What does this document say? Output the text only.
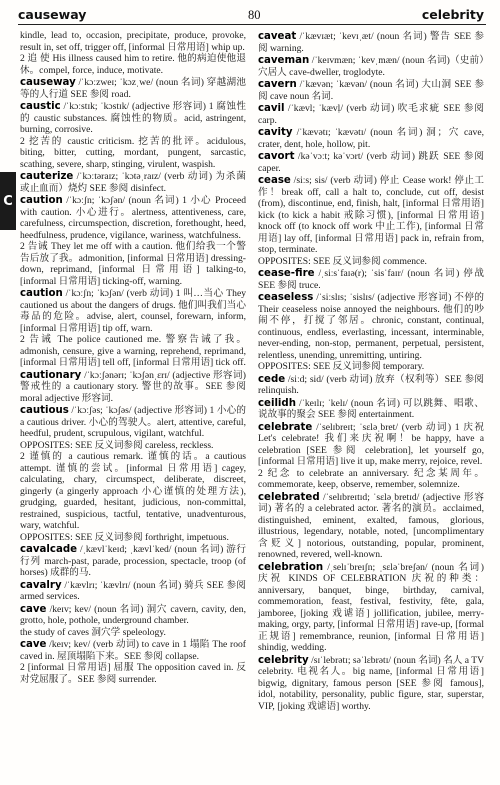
causeway	80	celebrity
C

kindle, lead to, occasion, precipitate, produce, provoke, result in, set off, trigger off, [informal 日常用语] whip up.

2 追 使 His illness caused him to retire. 他的病迫使他退休。compel, force, induce, motivate.

causeway /ˈkɔːzweɪ; ˈkɔzˌwe/ (noun 名词) 穿越湖池等的人行道 SEE 参阅 road.

caustic /ˈkɔːstɪk; ˈkɔstɪk/ (adjective 形容词) 1 腐蚀性的 caustic substances. 腐蚀性的物质。acid, astringent, burning, corrosive.

2 挖苦的 caustic criticism. 挖苦的批评。acidulous, biting, bitter, cutting, mordant, pungent, sarcastic, scathing, severe, sharp, stinging, virulent, waspish.

cauterize /ˈkɔːtəraɪz; ˈkɔtəˌraɪz/ (verb 动词) 为杀菌或止血而）烧灼 SEE 参阅 disinfect.

caution /ˈkɔːʃn; ˈkɔʃən/ (noun 名词) 1 小心 Proceed with caution. 小心进行。alertness, attentiveness, care, carefulness, circumspection, discretion, forethought, heed, heedfulness, prudence, vigilance, wariness, watchfulness.

2 告诫 They let me off with a caution. 他们给我一个警告后放了我。admonition, [informal 日常用语] dressing-down, reprimand, [informal 日常用语] talking-to, [informal 日常用语] ticking-off, warning.

caution /ˈkɔːʃn; ˈkɔʃən/ (verb 动词) 1 叫…当心 They cautioned us about the dangers of drugs. 他们叫我们当心毒品的危险。advise, alert, counsel, forewarn, inform, [informal 日常用语] tip off, warn.

2 告诫 The police cautioned me. 警察告诫了我。admonish, censure, give a warning, reprehend, reprimand, [informal 日常用语] tell off, [informal 日常用语] tick off.

cautionary /ˈkɔːʃənərɪ; ˈkɔʃənˌɛrɪ/ (adjective 形容词) 警戒性的 a cautionary story. 警世的故事。SEE 参阅 moral adjective 形容词.

cautious /ˈkɔːʃəs; ˈkɔʃəs/ (adjective 形容词) 1 小心的 a cautious driver. 小心的驾驶人。alert, attentive, careful, heedful, prudent, scrupulous, vigilant, watchful.

OPPOSITES: SEE 反义词参阅 careless, reckless.

2 谨慎的 a cautious remark. 谨慎的话。a cautious attempt. 谨慎的尝试。[informal 日常用语] cagey, calculating, chary, circumspect, deliberate, discreet, gingerly (a gingerly approach 小心谨慎的处理方法), grudging, guarded, hesitant, judicious, non-committal, restrained, suspicious, tactful, tentative, unadventurous, wary, watchful.

OPPOSITES: SEE 反义词参阅 forthright, impetuous.

cavalcade /ˌkævlˈkeɪd; ˌkævlˈked/ (noun 名词) 游行行列 march-past, parade, procession, spectacle, troop (of horses) 成群的马.

cavalry /ˈkævlrɪ; ˈkævlrɪ/ (noun 名词) 骑兵 SEE 参阅 armed services.

cave /keɪv; kev/ (noun 名词) 洞穴 cavern, cavity, den, grotto, hole, pothole, underground chamber.

the study of caves 洞穴学 speleology.

cave /keɪv; kev/ (verb 动词) to cave in 1 塌陷 The roof caved in. 屋顶塌陷下来。SEE 参阅 collapse.

2 [informal 日常用语] 屈服 The opposition caved in. 反对党屈服了。SEE 参阅 surrender.

caveat /ˈkævɪæt; ˈkevɪˌæt/ (noun 名词) 警告 SEE 参阅 warning.

caveman /ˈkeɪvmæn; ˈkevˌmæn/ (noun 名词)（史前）穴居人 cave-dweller, troglodyte.

cavern /ˈkævən; ˈkævən/ (noun 名词) 大山洞 SEE 参阅 cave noun 名词.

cavil /ˈkævl; ˈkævḷ/ (verb 动词) 吹毛求疵 SEE 参阅 carp.

cavity /ˈkævətɪ; ˈkævətɪ/ (noun 名词) 洞；穴 cave, crater, dent, hole, hollow, pit.

cavort /kəˈvɔːt; kəˈvɔrt/ (verb 动词) 跳跃 SEE 参阅 caper.

cease /siːs; sis/ (verb 动词) 停止 Cease work! 停止工作！break off, call a halt to, conclude, cut off, desist (from), discontinue, end, finish, halt, [informal 日常用语] kick (to kick a habit 戒除习惯), [informal 日常用语] knock off (to knock off work 中止工作), [informal 日常用语] lay off, [informal 日常用语] pack in, refrain from, stop, terminate.

OPPOSITES: SEE 反义词参阅 commence.

cease-fire /ˌsiːsˈfaɪə(r); ˈsisˈfaɪr/ (noun 名词) 停战 SEE 参阅 truce.

ceaseless /ˈsiːslɪs; ˈsislɪs/ (adjective 形容词) 不停的 Their ceaseless noise annoyed the neighbours. 他们的吵闹不停，打搅了邻居。chronic, constant, continual, continuous, endless, everlasting, incessant, interminable, never-ending, non-stop, permanent, perpetual, persistent, relentless, unending, unremitting, untiring.

OPPOSITES: SEE 反义词参阅 temporary.

cede /siːd; sid/ (verb 动词) 放弃（权利等）SEE 参阅 relinquish.

ceilidh /ˈkeɪlɪ; ˈkelɪ/ (noun 名词) 可以跳舞、唱歌、说故事的聚会 SEE 参阅 entertainment.

celebrate /ˈselɪbreɪt; ˈsɛləˌbret/ (verb 动词) 1 庆祝 Let's celebrate! 我们来庆祝啊！be happy, have a celebration [SEE 参阅 celebration], let yourself go, [informal 日常用语] live it up, make merry, rejoice, revel.

2 纪念 to celebrate an anniversary. 纪念某周年。commemorate, keep, observe, remember, solemnize.

celebrated /ˈselɪbreɪtɪd; ˈsɛləˌbretɪd/ (adjective 形容词) 著名的 a celebrated actor. 著名的演员。acclaimed, distinguished, eminent, exalted, famous, glorious, illustrious, legendary, notable, noted, [uncomplimentary 含贬义] notorious, outstanding, popular, prominent, renowned, revered, well-known.

celebration /ˌselɪˈbreɪʃn; ˌsɛləˈbreʃən/ (noun 名词) 庆祝 KINDS OF CELEBRATION 庆祝的种类：anniversary, banquet, binge, birthday, carnival, commemoration, feast, festival, festivity, fête, gala, jamboree, [joking 戏谑语] jollification, jubilee, merry-making, orgy, party, [informal 日常用语] rave-up, [formal 正规语] remembrance, reunion, [informal 日常用语] shindig, wedding.

celebrity /sɪˈlebrətɪ; səˈlɛbrətɪ/ (noun 名词) 名人 a TV celebrity. 电视名人。big name, [informal 日常用语] bigwig, dignitary, famous person [SEE 参阅 famous], idol, notability, personality, public figure, star, superstar, VIP, [joking 戏谑语] worthy.
